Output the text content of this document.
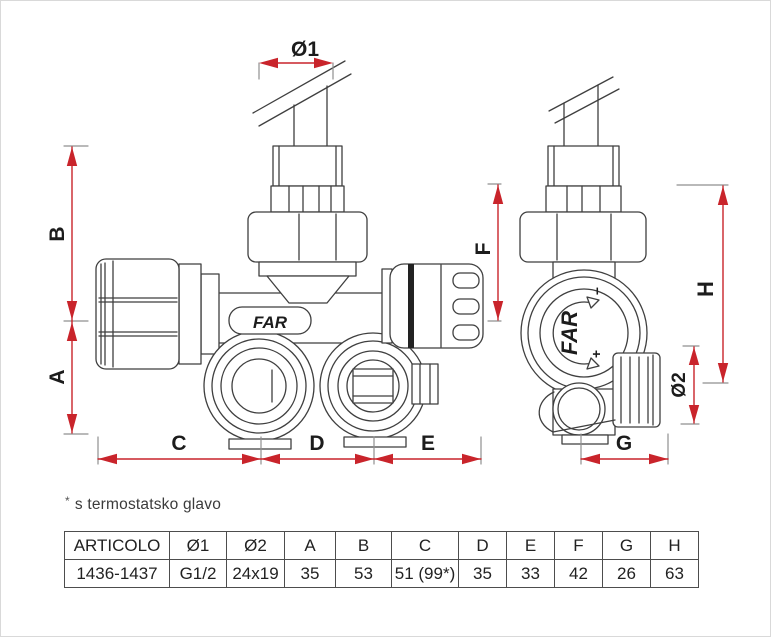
FAR	FAR
−
+
Ø1
B
A
C	D	E
F
H
Ø2
G
* s termostatsko glavo
ARTICOLO	Ø1	Ø2	A	B	C	D	E	F	G	H
1436-1437	G1/2	24x19	35	53	51 (99*)	35	33	42	26	63
